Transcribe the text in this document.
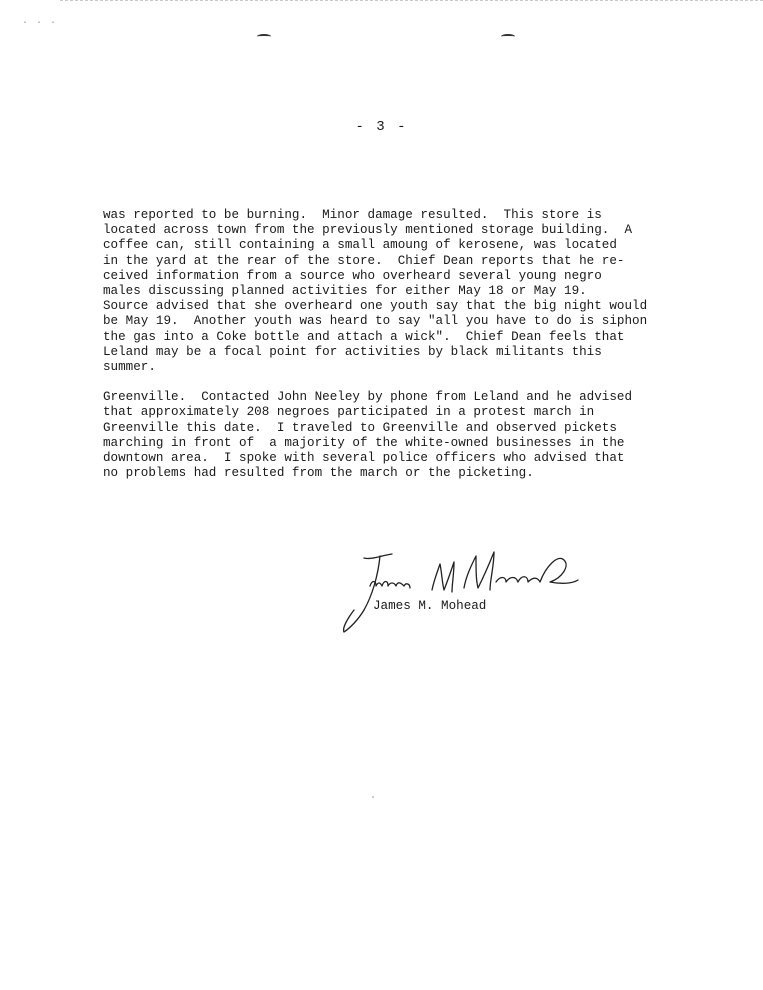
···
- 3 -
was reported to be burning.  Minor damage resulted.  This store is
located across town from the previously mentioned storage building.  A
coffee can, still containing a small amoung of kerosene, was located
in the yard at the rear of the store.  Chief Dean reports that he re-
ceived information from a source who overheard several young negro
males discussing planned activities for either May 18 or May 19.
Source advised that she overheard one youth say that the big night would
be May 19.  Another youth was heard to say "all you have to do is siphon
the gas into a Coke bottle and attach a wick".  Chief Dean feels that
Leland may be a focal point for activities by black militants this
summer.
Greenville.  Contacted John Neeley by phone from Leland and he advised
that approximately 208 negroes participated in a protest march in
Greenville this date.  I traveled to Greenville and observed pickets
marching in front of  a majority of the white-owned businesses in the
downtown area.  I spoke with several police officers who advised that
no problems had resulted from the march or the picketing.
James M. Mohead
